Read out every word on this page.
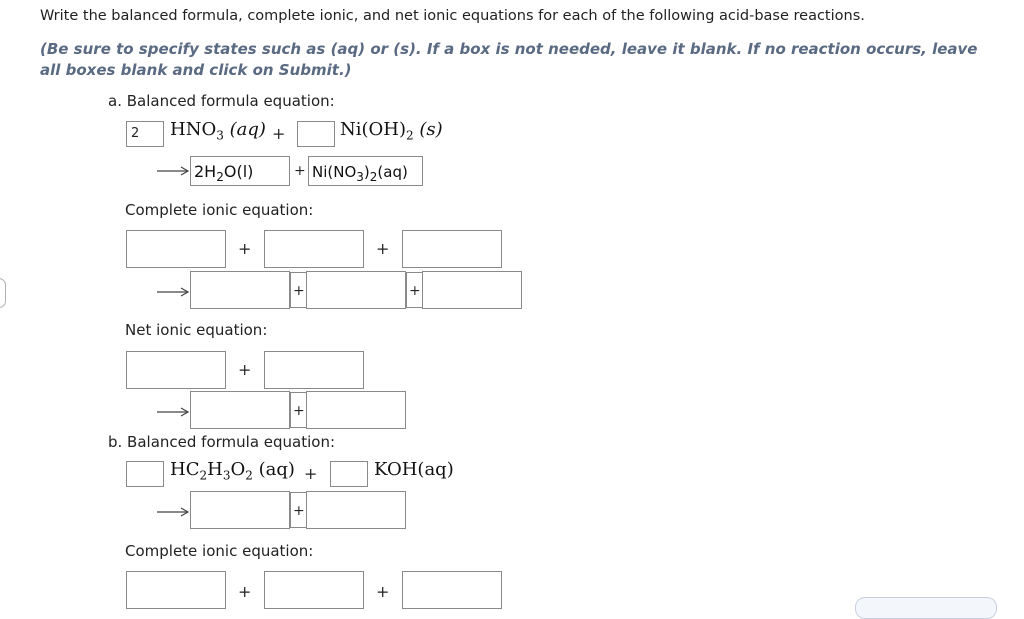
Write the balanced formula, complete ionic, and net ionic equations for each of the following acid-base reactions.
(Be sure to specify states such as (aq) or (s). If a box is not needed, leave it blank. If no reaction occurs, leave all boxes blank and click on Submit.)
a. Balanced formula equation:
2	$HNO_3$ (aq) +	$Ni(OH)_2$ (s)
→ $2H_2O(l)$	+ $Ni(NO_3)_2(aq)$
Complete ionic equation:
+	+
+	+
Net ionic equation:
+
+
b. Balanced formula equation:
$HC_2H_3O_2$ (aq) +	KOH(aq)
+
Complete ionic equation:
+	+
